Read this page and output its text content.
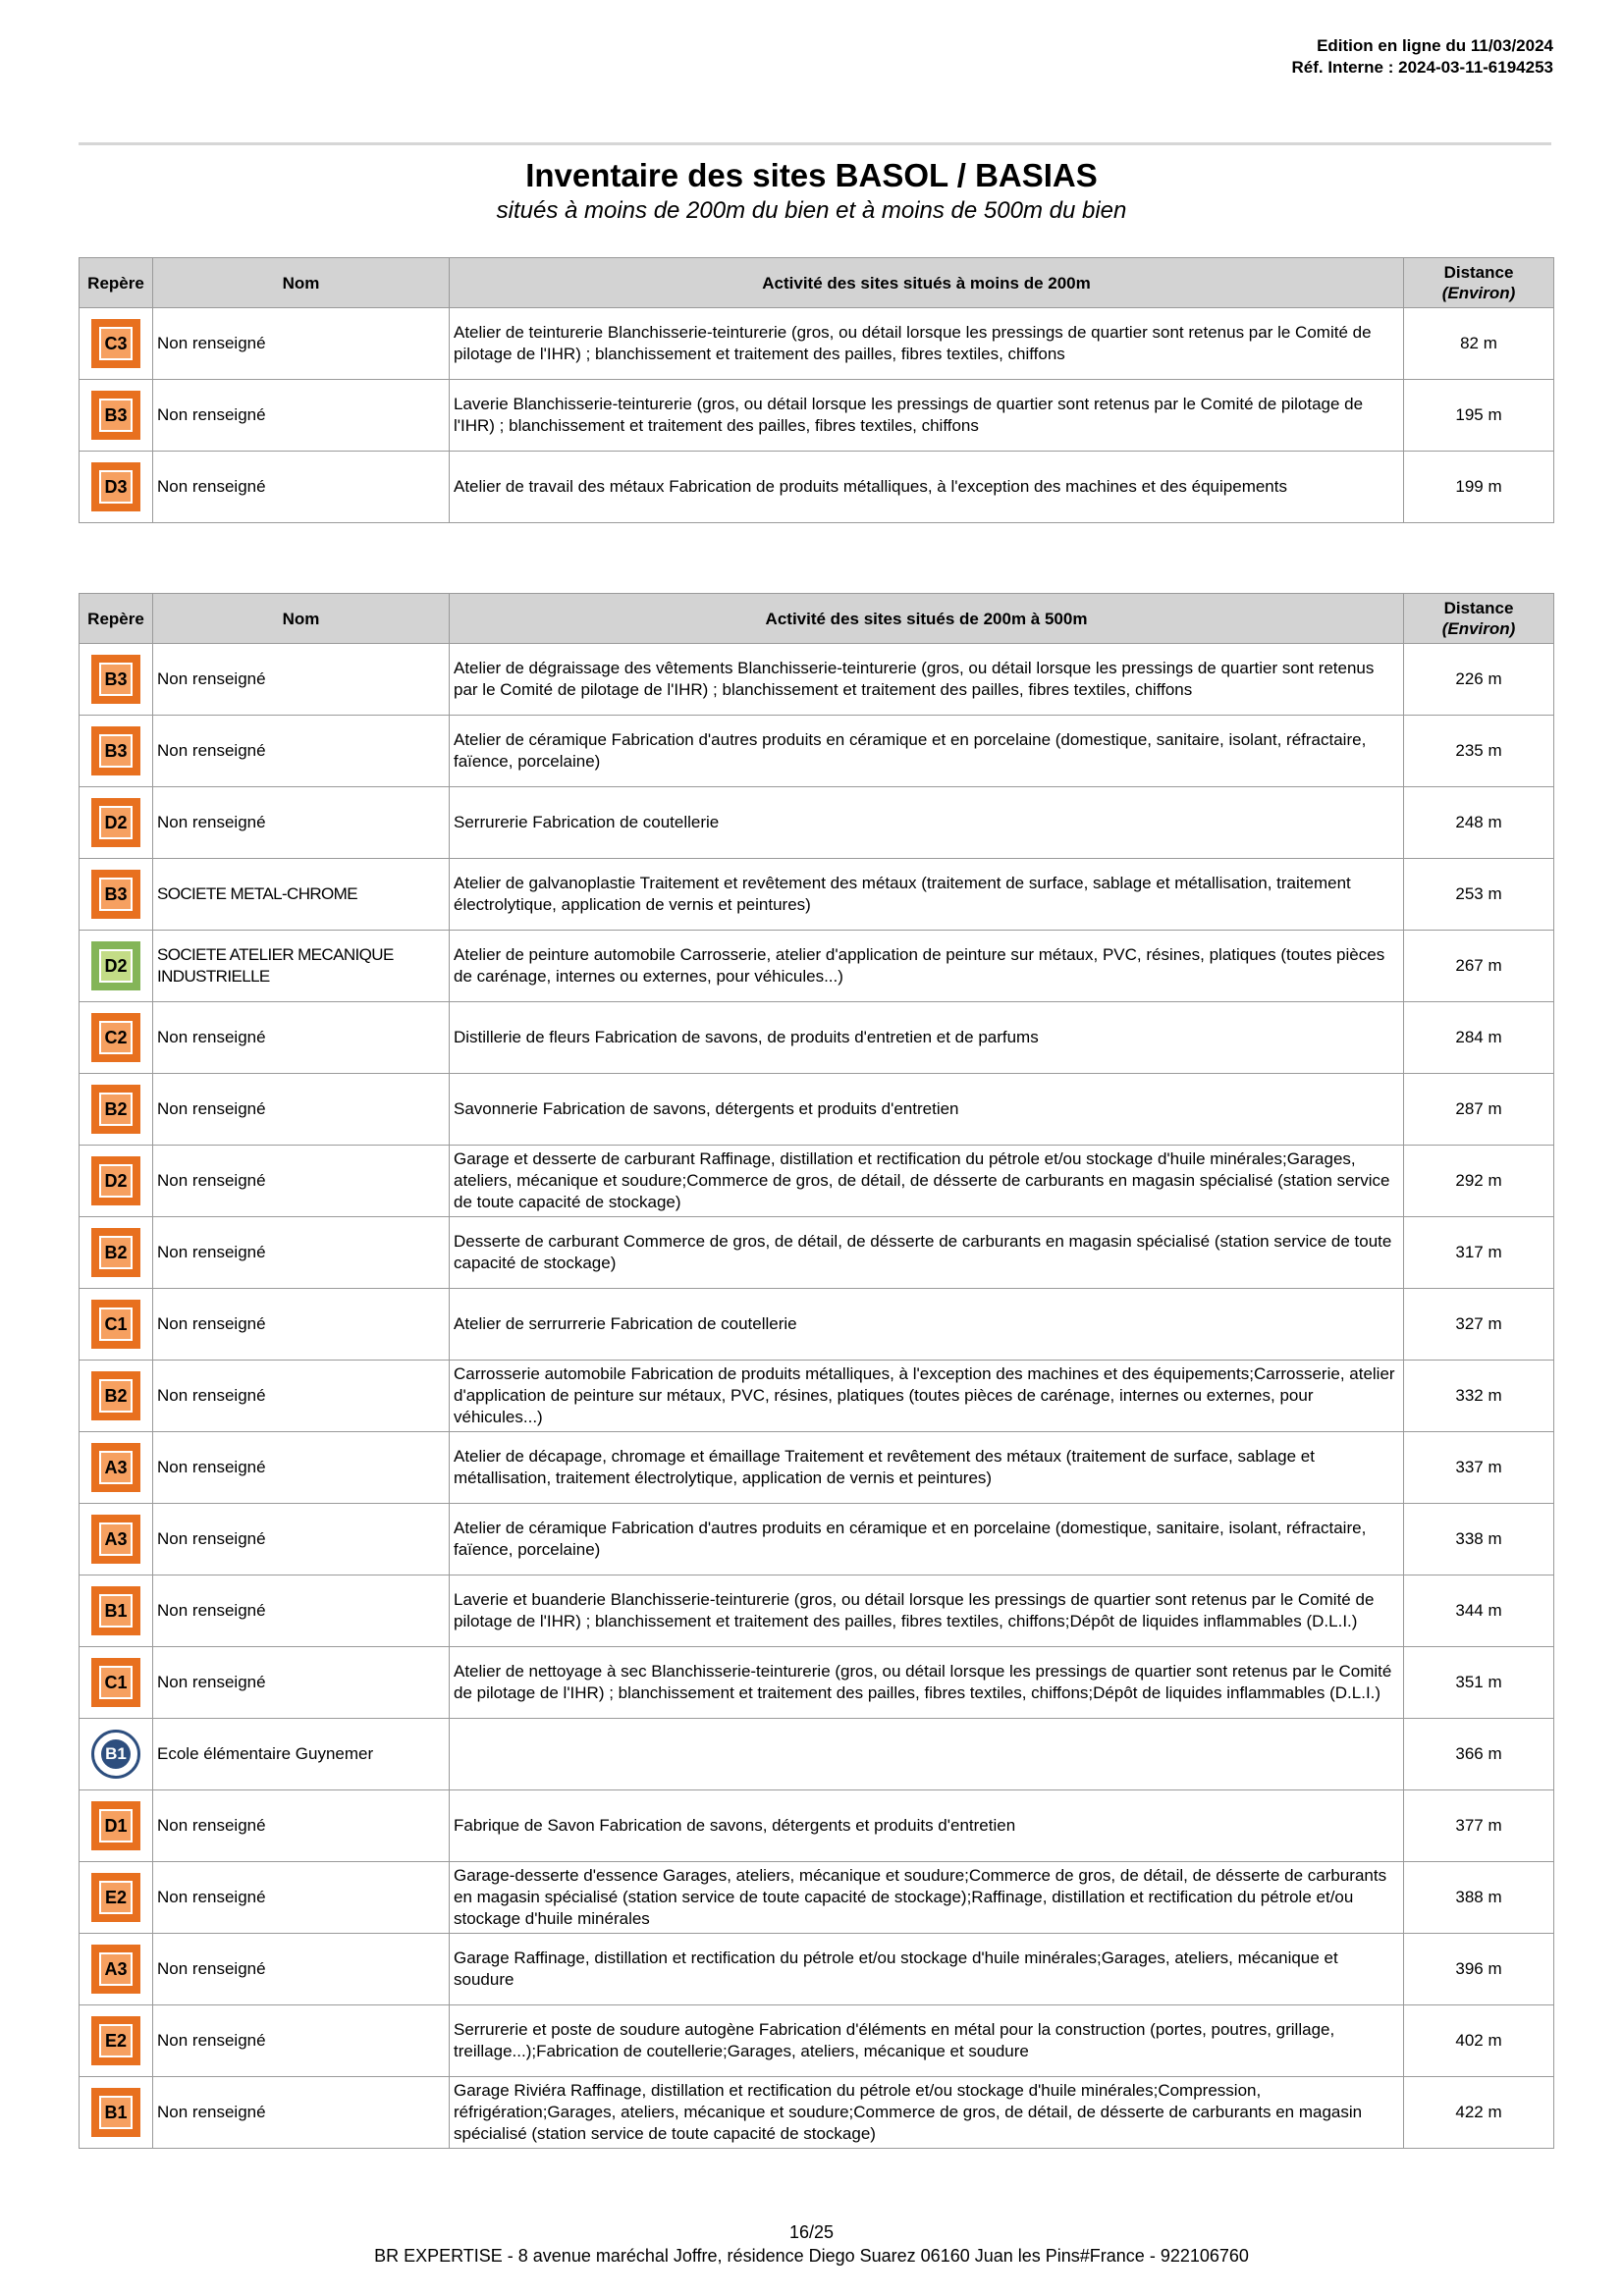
Edition en ligne du 11/03/2024
Réf. Interne : 2024-03-11-6194253
Inventaire des sites BASOL / BASIAS
situés à moins de 200m du bien et à moins de 500m du bien
Repère	Nom	Activité des sites situés à moins de 200m	Distance
(Environ)

C3	Non renseigné	Atelier de teinturerie Blanchisserie-teinturerie (gros, ou détail lorsque les pressings de quartier sont retenus par le Comité de pilotage de l'IHR) ; blanchissement et traitement des pailles, fibres textiles, chiffons	82 m

B3	Non renseigné	Laverie Blanchisserie-teinturerie (gros, ou détail lorsque les pressings de quartier sont retenus par le Comité de pilotage de l'IHR) ; blanchissement et traitement des pailles, fibres textiles, chiffons	195 m

D3	Non renseigné	Atelier de travail des métaux Fabrication de produits métalliques, à l'exception des machines et des équipements	199 m
Repère	Nom	Activité des sites situés de 200m à 500m	Distance
(Environ)

B3	Non renseigné	Atelier de dégraissage des vêtements Blanchisserie-teinturerie (gros, ou détail lorsque les pressings de quartier sont retenus par le Comité de pilotage de l'IHR) ; blanchissement et traitement des pailles, fibres textiles, chiffons	226 m

B3	Non renseigné	Atelier de céramique Fabrication d'autres produits en céramique et en porcelaine (domestique, sanitaire, isolant, réfractaire, faïence, porcelaine)	235 m

D2	Non renseigné	Serrurerie Fabrication de coutellerie	248 m

B3	SOCIETE METAL-CHROME	Atelier de galvanoplastie Traitement et revêtement des métaux (traitement de surface, sablage et métallisation, traitement électrolytique, application de vernis et peintures)	253 m

D2	SOCIETE ATELIER MECANIQUE INDUSTRIELLE	Atelier de peinture automobile Carrosserie, atelier d'application de peinture sur métaux, PVC, résines, platiques (toutes pièces de carénage, internes ou externes, pour véhicules...)	267 m

C2	Non renseigné	Distillerie de fleurs Fabrication de savons, de produits d'entretien et de parfums	284 m

B2	Non renseigné	Savonnerie Fabrication de savons, détergents et produits d'entretien	287 m

D2	Non renseigné	Garage et desserte de carburant Raffinage, distillation et rectification du pétrole et/ou stockage d'huile minérales;Garages, ateliers, mécanique et soudure;Commerce de gros, de détail, de désserte de carburants en magasin spécialisé (station service de toute capacité de stockage)	292 m

B2	Non renseigné	Desserte de carburant Commerce de gros, de détail, de désserte de carburants en magasin spécialisé (station service de toute capacité de stockage)	317 m

C1	Non renseigné	Atelier de serrurrerie Fabrication de coutellerie	327 m

B2	Non renseigné	Carrosserie automobile Fabrication de produits métalliques, à l'exception des machines et des équipements;Carrosserie, atelier d'application de peinture sur métaux, PVC, résines, platiques (toutes pièces de carénage, internes ou externes, pour véhicules...)	332 m

A3	Non renseigné	Atelier de décapage, chromage et émaillage Traitement et revêtement des métaux (traitement de surface, sablage et métallisation, traitement électrolytique, application de vernis et peintures)	337 m

A3	Non renseigné	Atelier de céramique Fabrication d'autres produits en céramique et en porcelaine (domestique, sanitaire, isolant, réfractaire, faïence, porcelaine)	338 m

B1	Non renseigné	Laverie et buanderie Blanchisserie-teinturerie (gros, ou détail lorsque les pressings de quartier sont retenus par le Comité de pilotage de l'IHR) ; blanchissement et traitement des pailles, fibres textiles, chiffons;Dépôt de liquides inflammables (D.L.I.)	344 m

C1	Non renseigné	Atelier de nettoyage à sec Blanchisserie-teinturerie (gros, ou détail lorsque les pressings de quartier sont retenus par le Comité de pilotage de l'IHR) ; blanchissement et traitement des pailles, fibres textiles, chiffons;Dépôt de liquides inflammables (D.L.I.)	351 m

B1	Ecole élémentaire Guynemer		366 m

D1	Non renseigné	Fabrique de Savon Fabrication de savons, détergents et produits d'entretien	377 m

E2	Non renseigné	Garage-desserte d'essence Garages, ateliers, mécanique et soudure;Commerce de gros, de détail, de désserte de carburants en magasin spécialisé (station service de toute capacité de stockage);Raffinage, distillation et rectification du pétrole et/ou stockage d'huile minérales	388 m

A3	Non renseigné	Garage Raffinage, distillation et rectification du pétrole et/ou stockage d'huile minérales;Garages, ateliers, mécanique et soudure	396 m

E2	Non renseigné	Serrurerie et poste de soudure autogène Fabrication d'éléments en métal pour la construction (portes, poutres, grillage, treillage...);Fabrication de coutellerie;Garages, ateliers, mécanique et soudure	402 m

B1	Non renseigné	Garage Riviéra Raffinage, distillation et rectification du pétrole et/ou stockage d'huile minérales;Compression, réfrigération;Garages, ateliers, mécanique et soudure;Commerce de gros, de détail, de désserte de carburants en magasin spécialisé (station service de toute capacité de stockage)	422 m
16/25
BR EXPERTISE - 8 avenue maréchal Joffre, résidence Diego Suarez 06160 Juan les Pins#France - 922106760
